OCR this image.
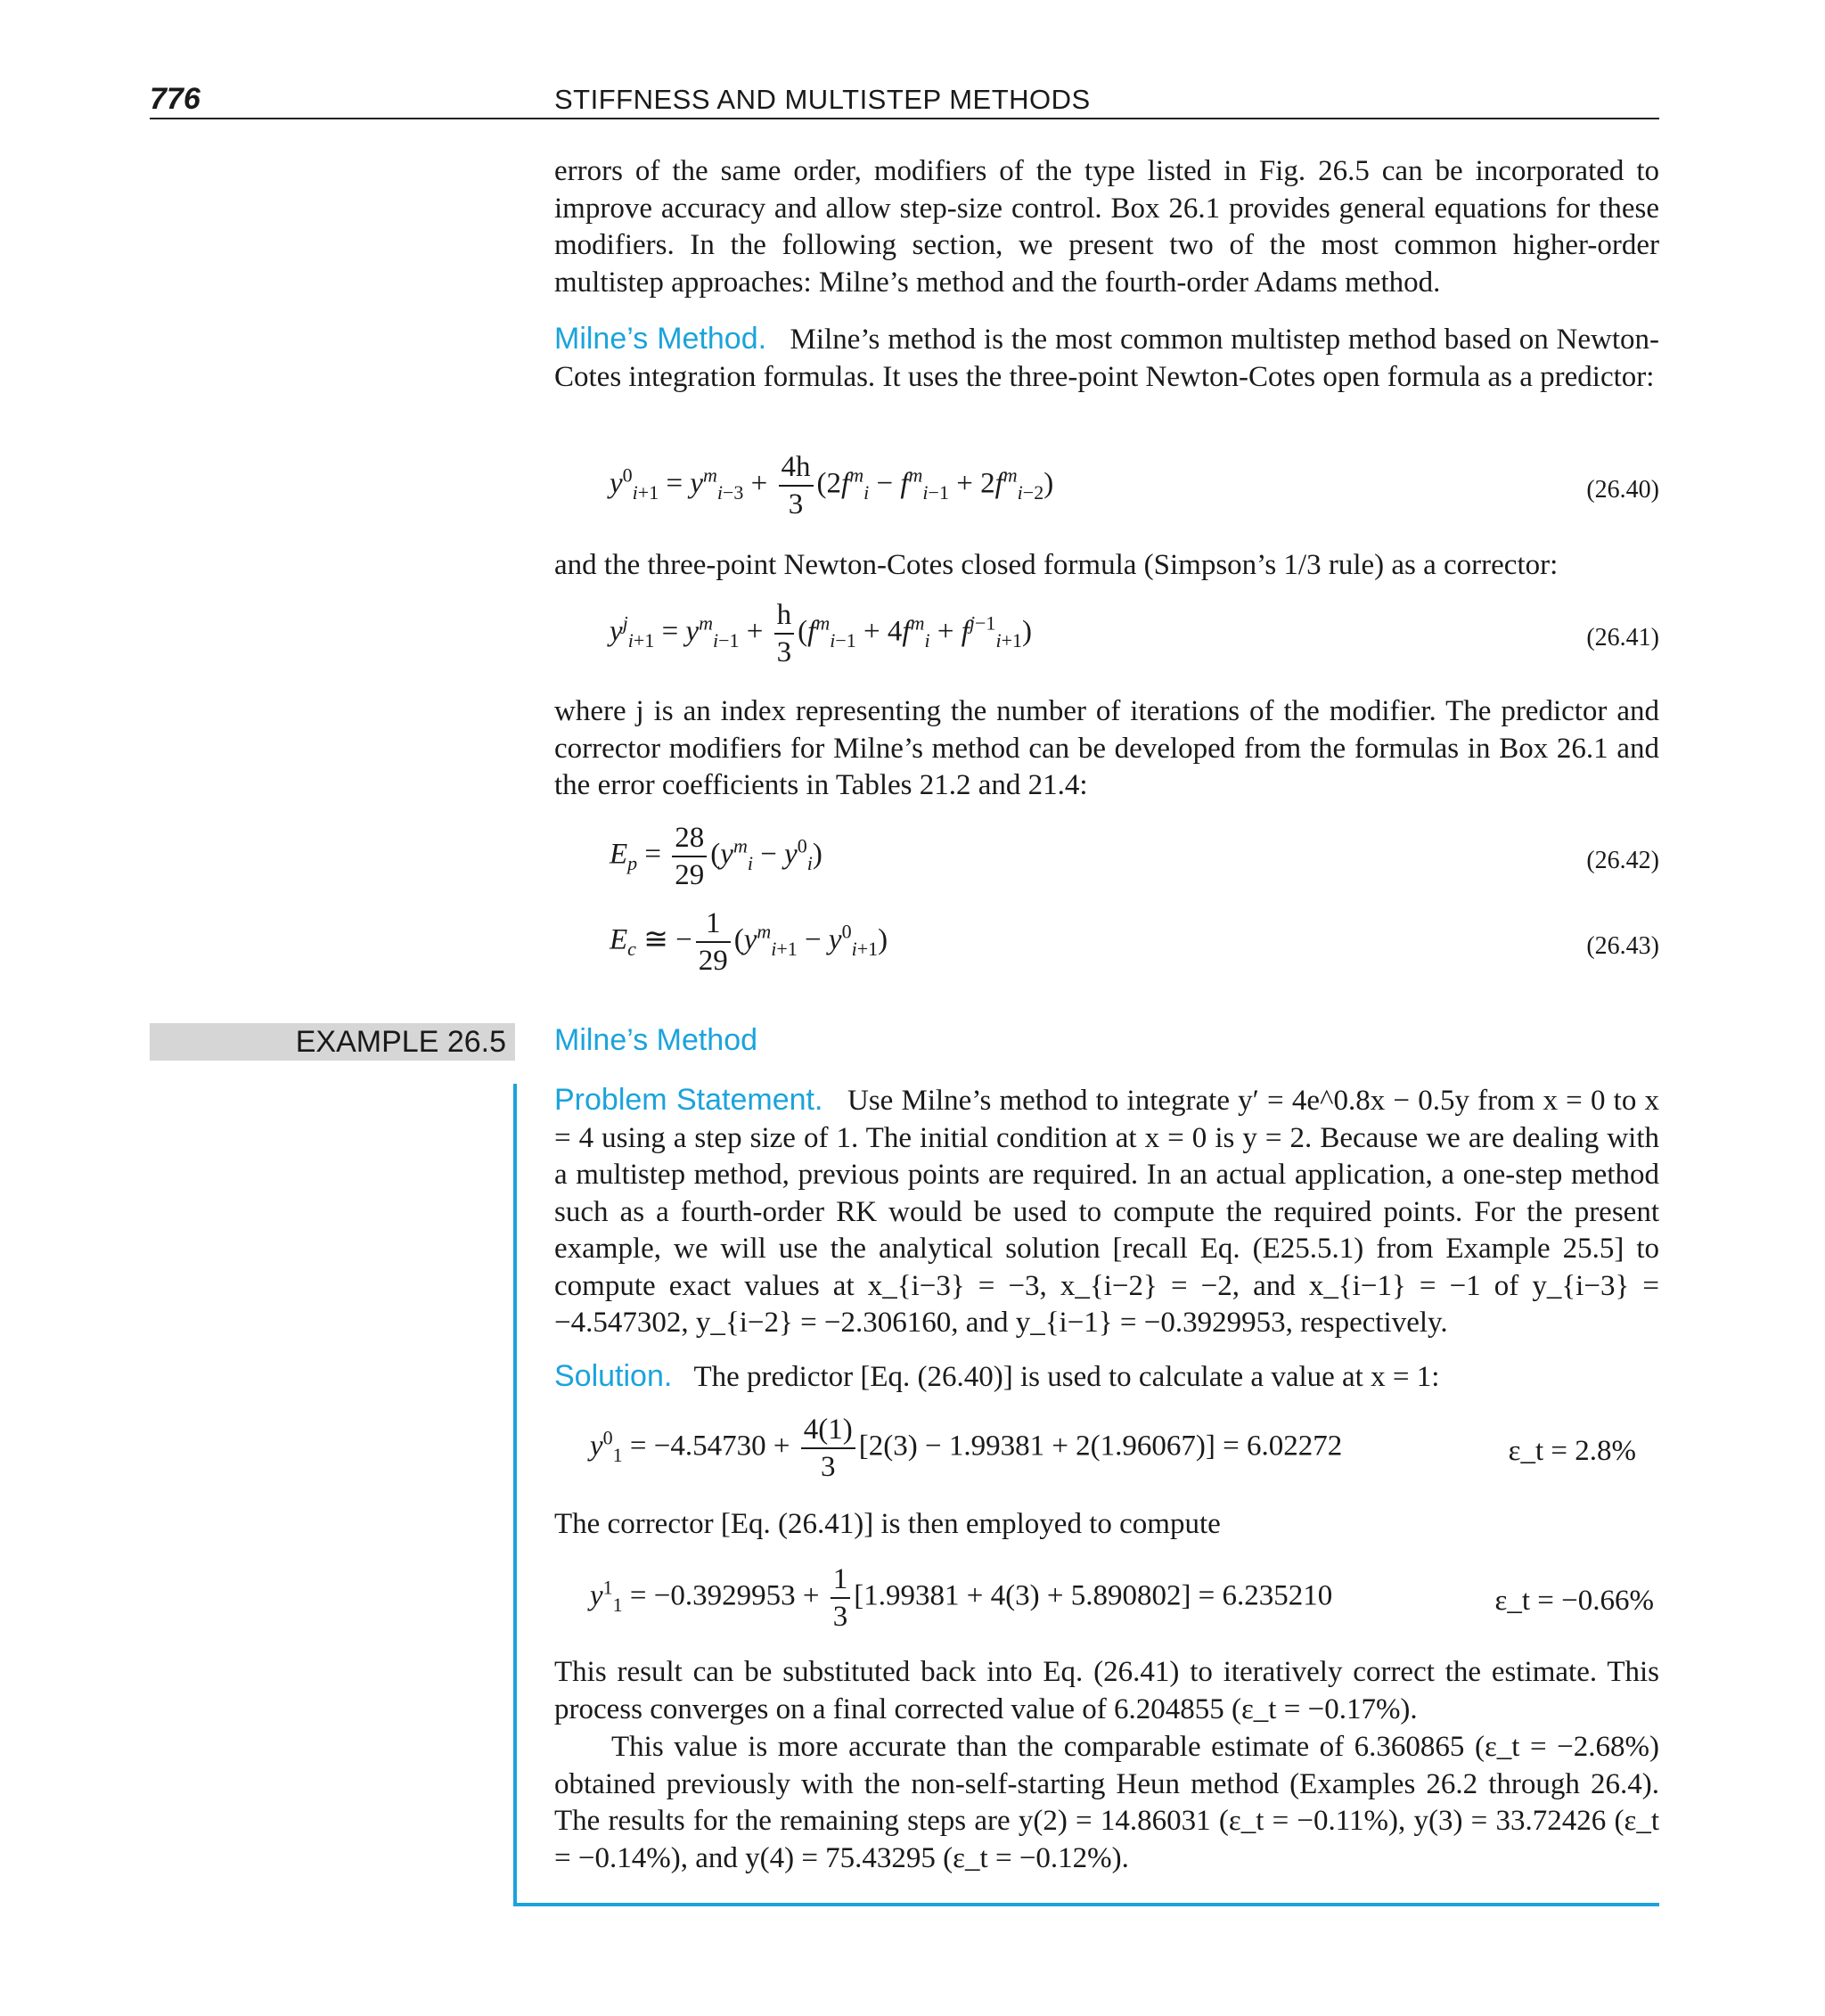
776	STIFFNESS AND MULTISTEP METHODS

errors of the same order, modifiers of the type listed in Fig. 26.5 can be incorporated to improve accuracy and allow step-size control. Box 26.1 provides general equations for these modifiers. In the following section, we present two of the most common higher-order multistep approaches: Milne’s method and the fourth-order Adams method.

Milne’s Method. Milne’s method is the most common multistep method based on Newton-Cotes integration formulas. It uses the three-point Newton-Cotes open formula as a predictor:

$y^0_{i+1} = y^m_{i-3} + \frac{4h}{3} (2f^m_i - f^m_{i-1} + 2f^m_{i-2})$	(26.40)

and the three-point Newton-Cotes closed formula (Simpson’s 1/3 rule) as a corrector:

$y^j_{i+1} = y^m_{i-1} + \frac{h}{3} (f^m_{i-1} + 4f^m_i + f^{j-1}_{i+1})$	(26.41)

where j is an index representing the number of iterations of the modifier. The predictor and corrector modifiers for Milne’s method can be developed from the formulas in Box 26.1 and the error coefficients in Tables 21.2 and 21.4:

$E_p = \frac{28}{29} (y^m_i - y^0_i)$	(26.42)
$E_c$ ≅ − $\frac{1}{29} (y^m_{i+1} - y^0_{i+1})$	(26.43)
EXAMPLE 26.5 Milne’s Method

Problem Statement. Use Milne’s method to integrate y′ = 4e^0.8x − 0.5y from x = 0 to x = 4 using a step size of 1. The initial condition at x = 0 is y = 2. Because we are dealing with a multistep method, previous points are required. In an actual application, a one-step method such as a fourth-order RK would be used to compute the required points. For the present example, we will use the analytical solution [recall Eq. (E25.5.1) from Example 25.5] to compute exact values at x_{i−3} = −3, x_{i−2} = −2, and x_{i−1} = −1 of y_{i−3} = −4.547302, y_{i−2} = −2.306160, and y_{i−1} = −0.3929953, respectively.

Solution. The predictor [Eq. (26.40)] is used to calculate a value at x = 1:

$y^0_1 = -4.54730 + \frac{4(1)}{3} [2(3) - 1.99381 + 2(1.96067)] = 6.02272$	ε_t = 2.8%

The corrector [Eq. (26.41)] is then employed to compute

$y^1_1 = -0.3929953 + \frac{1}{3} [1.99381 + 4(3) + 5.890802] = 6.235210$	ε_t = −0.66%

This result can be substituted back into Eq. (26.41) to iteratively correct the estimate. This process converges on a final corrected value of 6.204855 (ε_t = −0.17%).

This value is more accurate than the comparable estimate of 6.360865 (ε_t = −2.68%) obtained previously with the non-self-starting Heun method (Examples 26.2 through 26.4). The results for the remaining steps are y(2) = 14.86031 (ε_t = −0.11%), y(3) = 33.72426 (ε_t = −0.14%), and y(4) = 75.43295 (ε_t = −0.12%).
